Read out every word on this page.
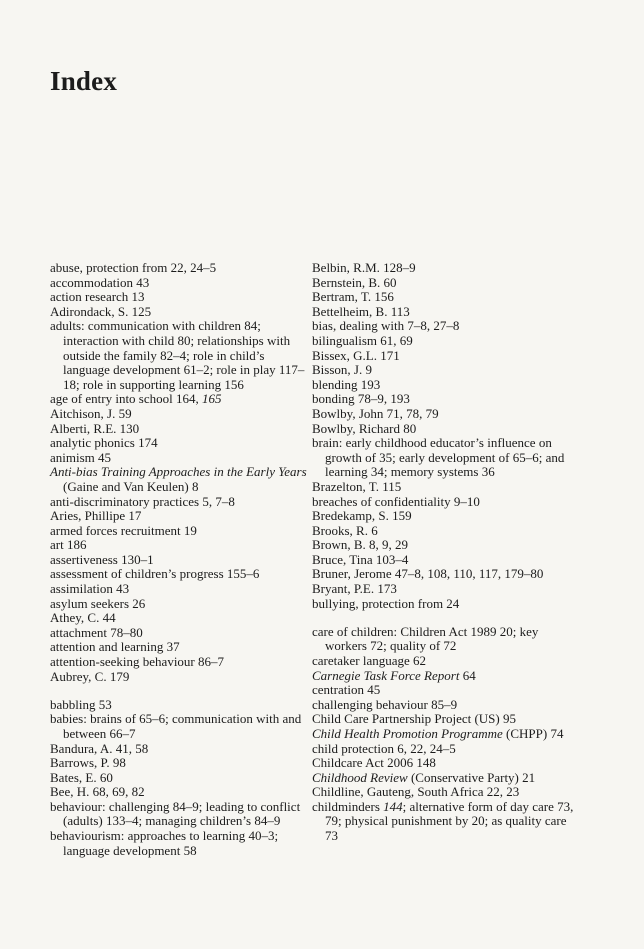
Index

abuse, protection from 22, 24–5

accommodation 43

action research 13

Adirondack, S. 125

adults: communication with children 84; interaction with child 80; relationships with outside the family 82–4; role in child’s language development 61–2; role in play 117–18; role in supporting learning 156

age of entry into school 164, 165

Aitchison, J. 59

Alberti, R.E. 130

analytic phonics 174

animism 45

Anti-bias Training Approaches in the Early Years (Gaine and Van Keulen) 8

anti-discriminatory practices 5, 7–8

Aries, Phillipe 17

armed forces recruitment 19

art 186

assertiveness 130–1

assessment of children’s progress 155–6

assimilation 43

asylum seekers 26

Athey, C. 44

attachment 78–80

attention and learning 37

attention-seeking behaviour 86–7

Aubrey, C. 179

babbling 53

babies: brains of 65–6; communication with and between 66–7

Bandura, A. 41, 58

Barrows, P. 98

Bates, E. 60

Bee, H. 68, 69, 82

behaviour: challenging 84–9; leading to conflict (adults) 133–4; managing children’s 84–9

behaviourism: approaches to learning 40–3; language development 58

Belbin, R.M. 128–9

Bernstein, B. 60

Bertram, T. 156

Bettelheim, B. 113

bias, dealing with 7–8, 27–8

bilingualism 61, 69

Bissex, G.L. 171

Bisson, J. 9

blending 193

bonding 78–9, 193

Bowlby, John 71, 78, 79

Bowlby, Richard 80

brain: early childhood educator’s influence on growth of 35; early development of 65–6; and learning 34; memory systems 36

Brazelton, T. 115

breaches of confidentiality 9–10

Bredekamp, S. 159

Brooks, R. 6

Brown, B. 8, 9, 29

Bruce, Tina 103–4

Bruner, Jerome 47–8, 108, 110, 117, 179–80

Bryant, P.E. 173

bullying, protection from 24

care of children: Children Act 1989 20; key workers 72; quality of 72

caretaker language 62

Carnegie Task Force Report 64

centration 45

challenging behaviour 85–9

Child Care Partnership Project (US) 95

Child Health Promotion Programme (CHPP) 74

child protection 6, 22, 24–5

Childcare Act 2006 148

Childhood Review (Conservative Party) 21

Childline, Gauteng, South Africa 22, 23

childminders 144; alternative form of day care 73, 79; physical punishment by 20; as quality care 73
